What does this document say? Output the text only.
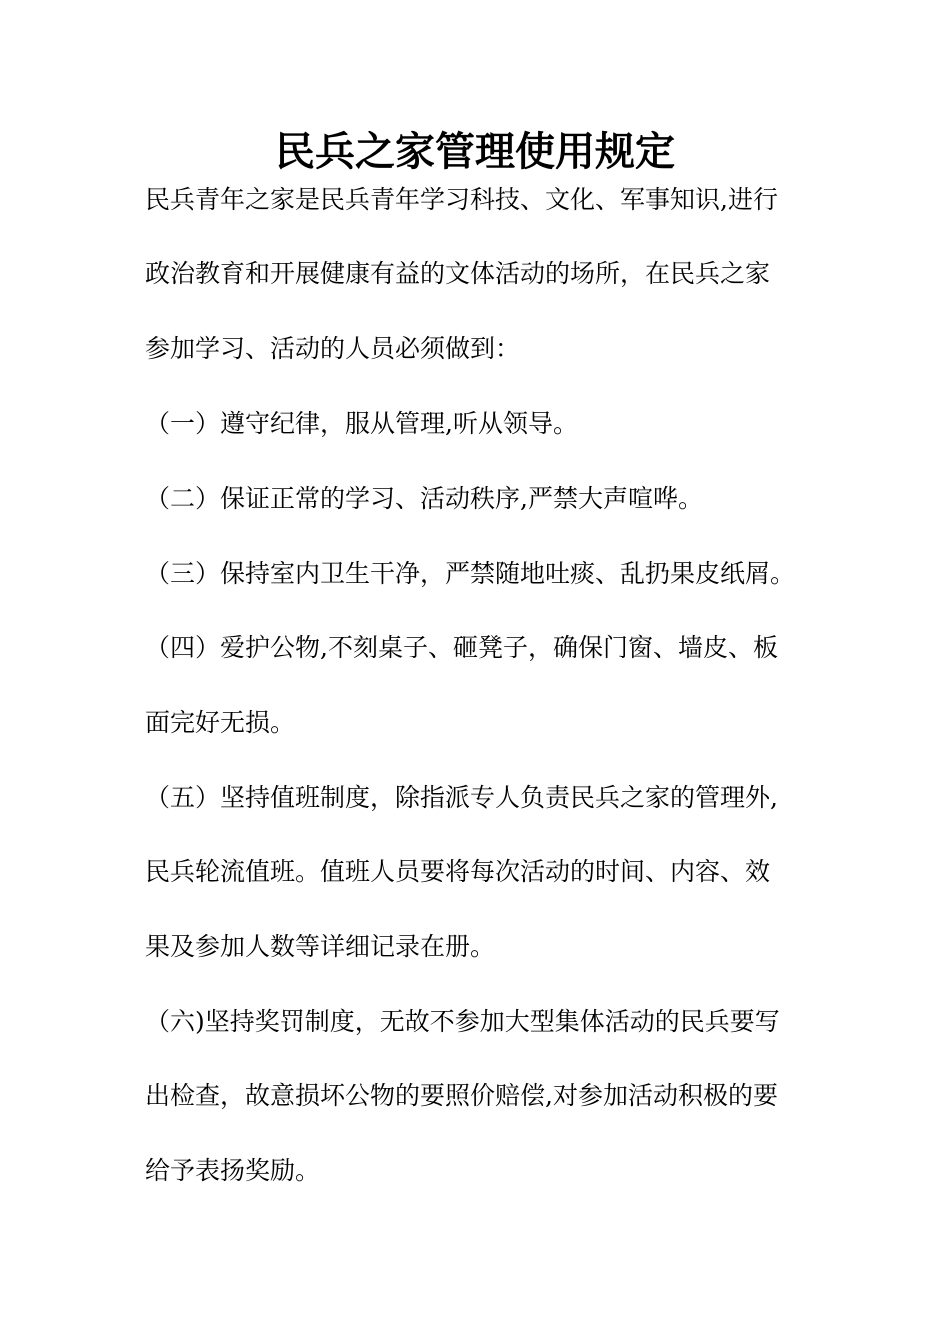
民兵之家管理使用规定
民兵青年之家是民兵青年学习科技、文化、军事知识,进行
政治教育和开展健康有益的文体活动的场所，在民兵之家
参加学习、活动的人员必须做到：
（一）遵守纪律，服从管理,听从领导。
（二）保证正常的学习、活动秩序,严禁大声喧哗。
（三）保持室内卫生干净，严禁随地吐痰、乱扔果皮纸屑。
（四）爱护公物,不刻桌子、砸凳子，确保门窗、墙皮、板
面完好无损。
（五）坚持值班制度，除指派专人负责民兵之家的管理外,
民兵轮流值班。值班人员要将每次活动的时间、内容、效
果及参加人数等详细记录在册。
（六)坚持奖罚制度，无故不参加大型集体活动的民兵要写
出检查，故意损坏公物的要照价赔偿,对参加活动积极的要
给予表扬奖励。
